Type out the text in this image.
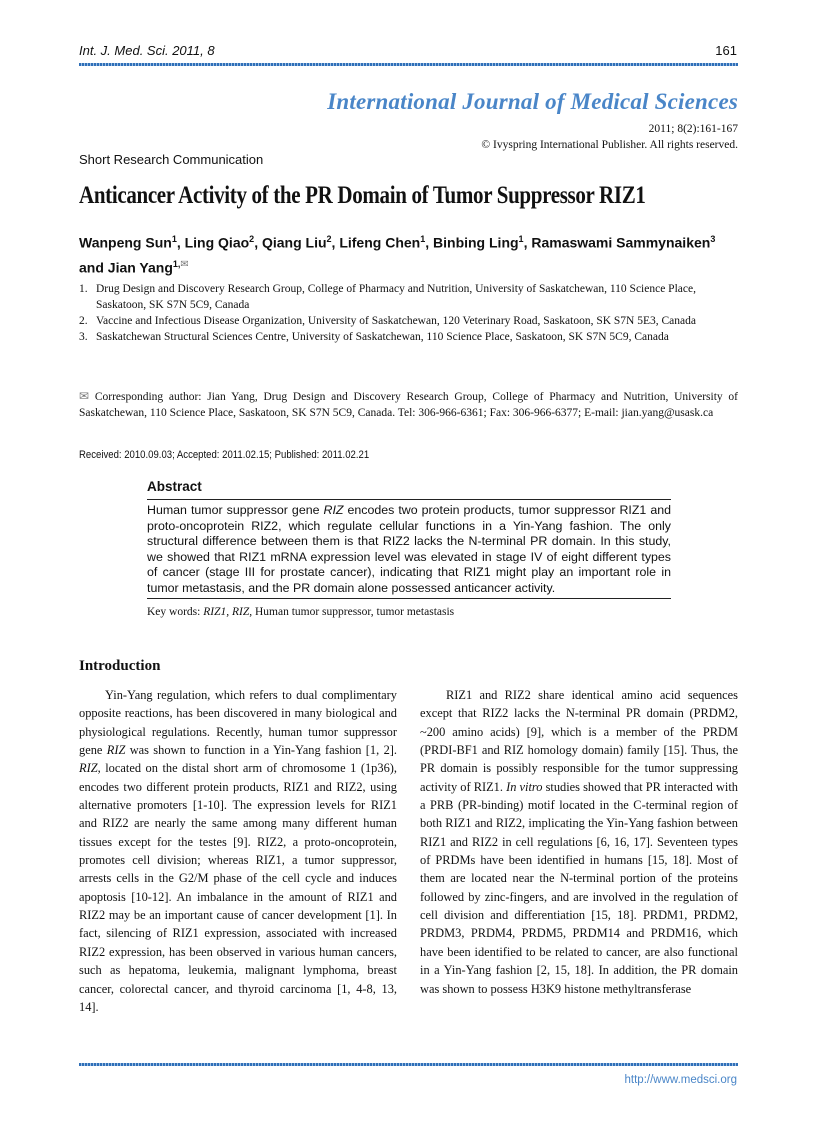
Int. J. Med. Sci. 2011, 8	161
International Journal of Medical Sciences
2011; 8(2):161-167
© Ivyspring International Publisher. All rights reserved.
Short Research Communication
Anticancer Activity of the PR Domain of Tumor Suppressor RIZ1
Wanpeng Sun$^1$, Ling Qiao$^2$, Qiang Liu$^2$, Lifeng Chen$^1$, Binbing Ling$^1$, Ramaswami Sammynaiken$^3$ and Jian Yang$^{1,✉}$
1. Drug Design and Discovery Research Group, College of Pharmacy and Nutrition, University of Saskatchewan, 110 Science Place, Saskatoon, SK S7N 5C9, Canada
2. Vaccine and Infectious Disease Organization, University of Saskatchewan, 120 Veterinary Road, Saskatoon, SK S7N 5E3, Canada
3. Saskatchewan Structural Sciences Centre, University of Saskatchewan, 110 Science Place, Saskatoon, SK S7N 5C9, Canada
✉ Corresponding author: Jian Yang, Drug Design and Discovery Research Group, College of Pharmacy and Nutrition, University of Saskatchewan, 110 Science Place, Saskatoon, SK S7N 5C9, Canada. Tel: 306-966-6361; Fax: 306-966-6377; E-mail: jian.yang@usask.ca
Received: 2010.09.03; Accepted: 2011.02.15; Published: 2011.02.21
Abstract
Human tumor suppressor gene RIZ encodes two protein products, tumor suppressor RIZ1 and proto-oncoprotein RIZ2, which regulate cellular functions in a Yin-Yang fashion. The only structural difference between them is that RIZ2 lacks the N-terminal PR domain. In this study, we showed that RIZ1 mRNA expression level was elevated in stage IV of eight different types of cancer (stage III for prostate cancer), indicating that RIZ1 might play an important role in tumor metastasis, and the PR domain alone possessed anticancer activity.
Key words: RIZ1, RIZ, Human tumor suppressor, tumor metastasis
Introduction

Yin-Yang regulation, which refers to dual complimentary opposite reactions, has been discovered in many biological and physiological regulations. Recently, human tumor suppressor gene RIZ was shown to function in a Yin-Yang fashion [1, 2]. RIZ, located on the distal short arm of chromosome 1 (1p36), encodes two different protein products, RIZ1 and RIZ2, using alternative promoters [1-10]. The expression levels for RIZ1 and RIZ2 are nearly the same among many different human tissues except for the testes [9]. RIZ2, a proto-oncoprotein, promotes cell division; whereas RIZ1, a tumor suppressor, arrests cells in the G2/M phase of the cell cycle and induces apoptosis [10-12]. An imbalance in the amount of RIZ1 and RIZ2 may be an important cause of cancer development [1]. In fact, silencing of RIZ1 expression, associated with increased RIZ2 expression, has been observed in various human cancers, such as hepatoma, leukemia, malignant lymphoma, breast cancer, colorectal cancer, and thyroid carcinoma [1, 4-8, 13, 14].

RIZ1 and RIZ2 share identical amino acid sequences except that RIZ2 lacks the N-terminal PR domain (PRDM2, ~200 amino acids) [9], which is a member of the PRDM (PRDI-BF1 and RIZ homology domain) family [15]. Thus, the PR domain is possibly responsible for the tumor suppressing activity of RIZ1. In vitro studies showed that PR interacted with a PRB (PR-binding) motif located in the C-terminal region of both RIZ1 and RIZ2, implicating the Yin-Yang fashion between RIZ1 and RIZ2 in cell regulations [6, 16, 17]. Seventeen types of PRDMs have been identified in humans [15, 18]. Most of them are located near the N-terminal portion of the proteins followed by zinc-fingers, and are involved in the regulation of cell division and differentiation [15, 18]. PRDM1, PRDM2, PRDM3, PRDM4, PRDM5, PRDM14 and PRDM16, which have been identified to be related to cancer, are also functional in a Yin-Yang fashion [2, 15, 18]. In addition, the PR domain was shown to possess H3K9 histone methyltransferase

http://www.medsci.org
